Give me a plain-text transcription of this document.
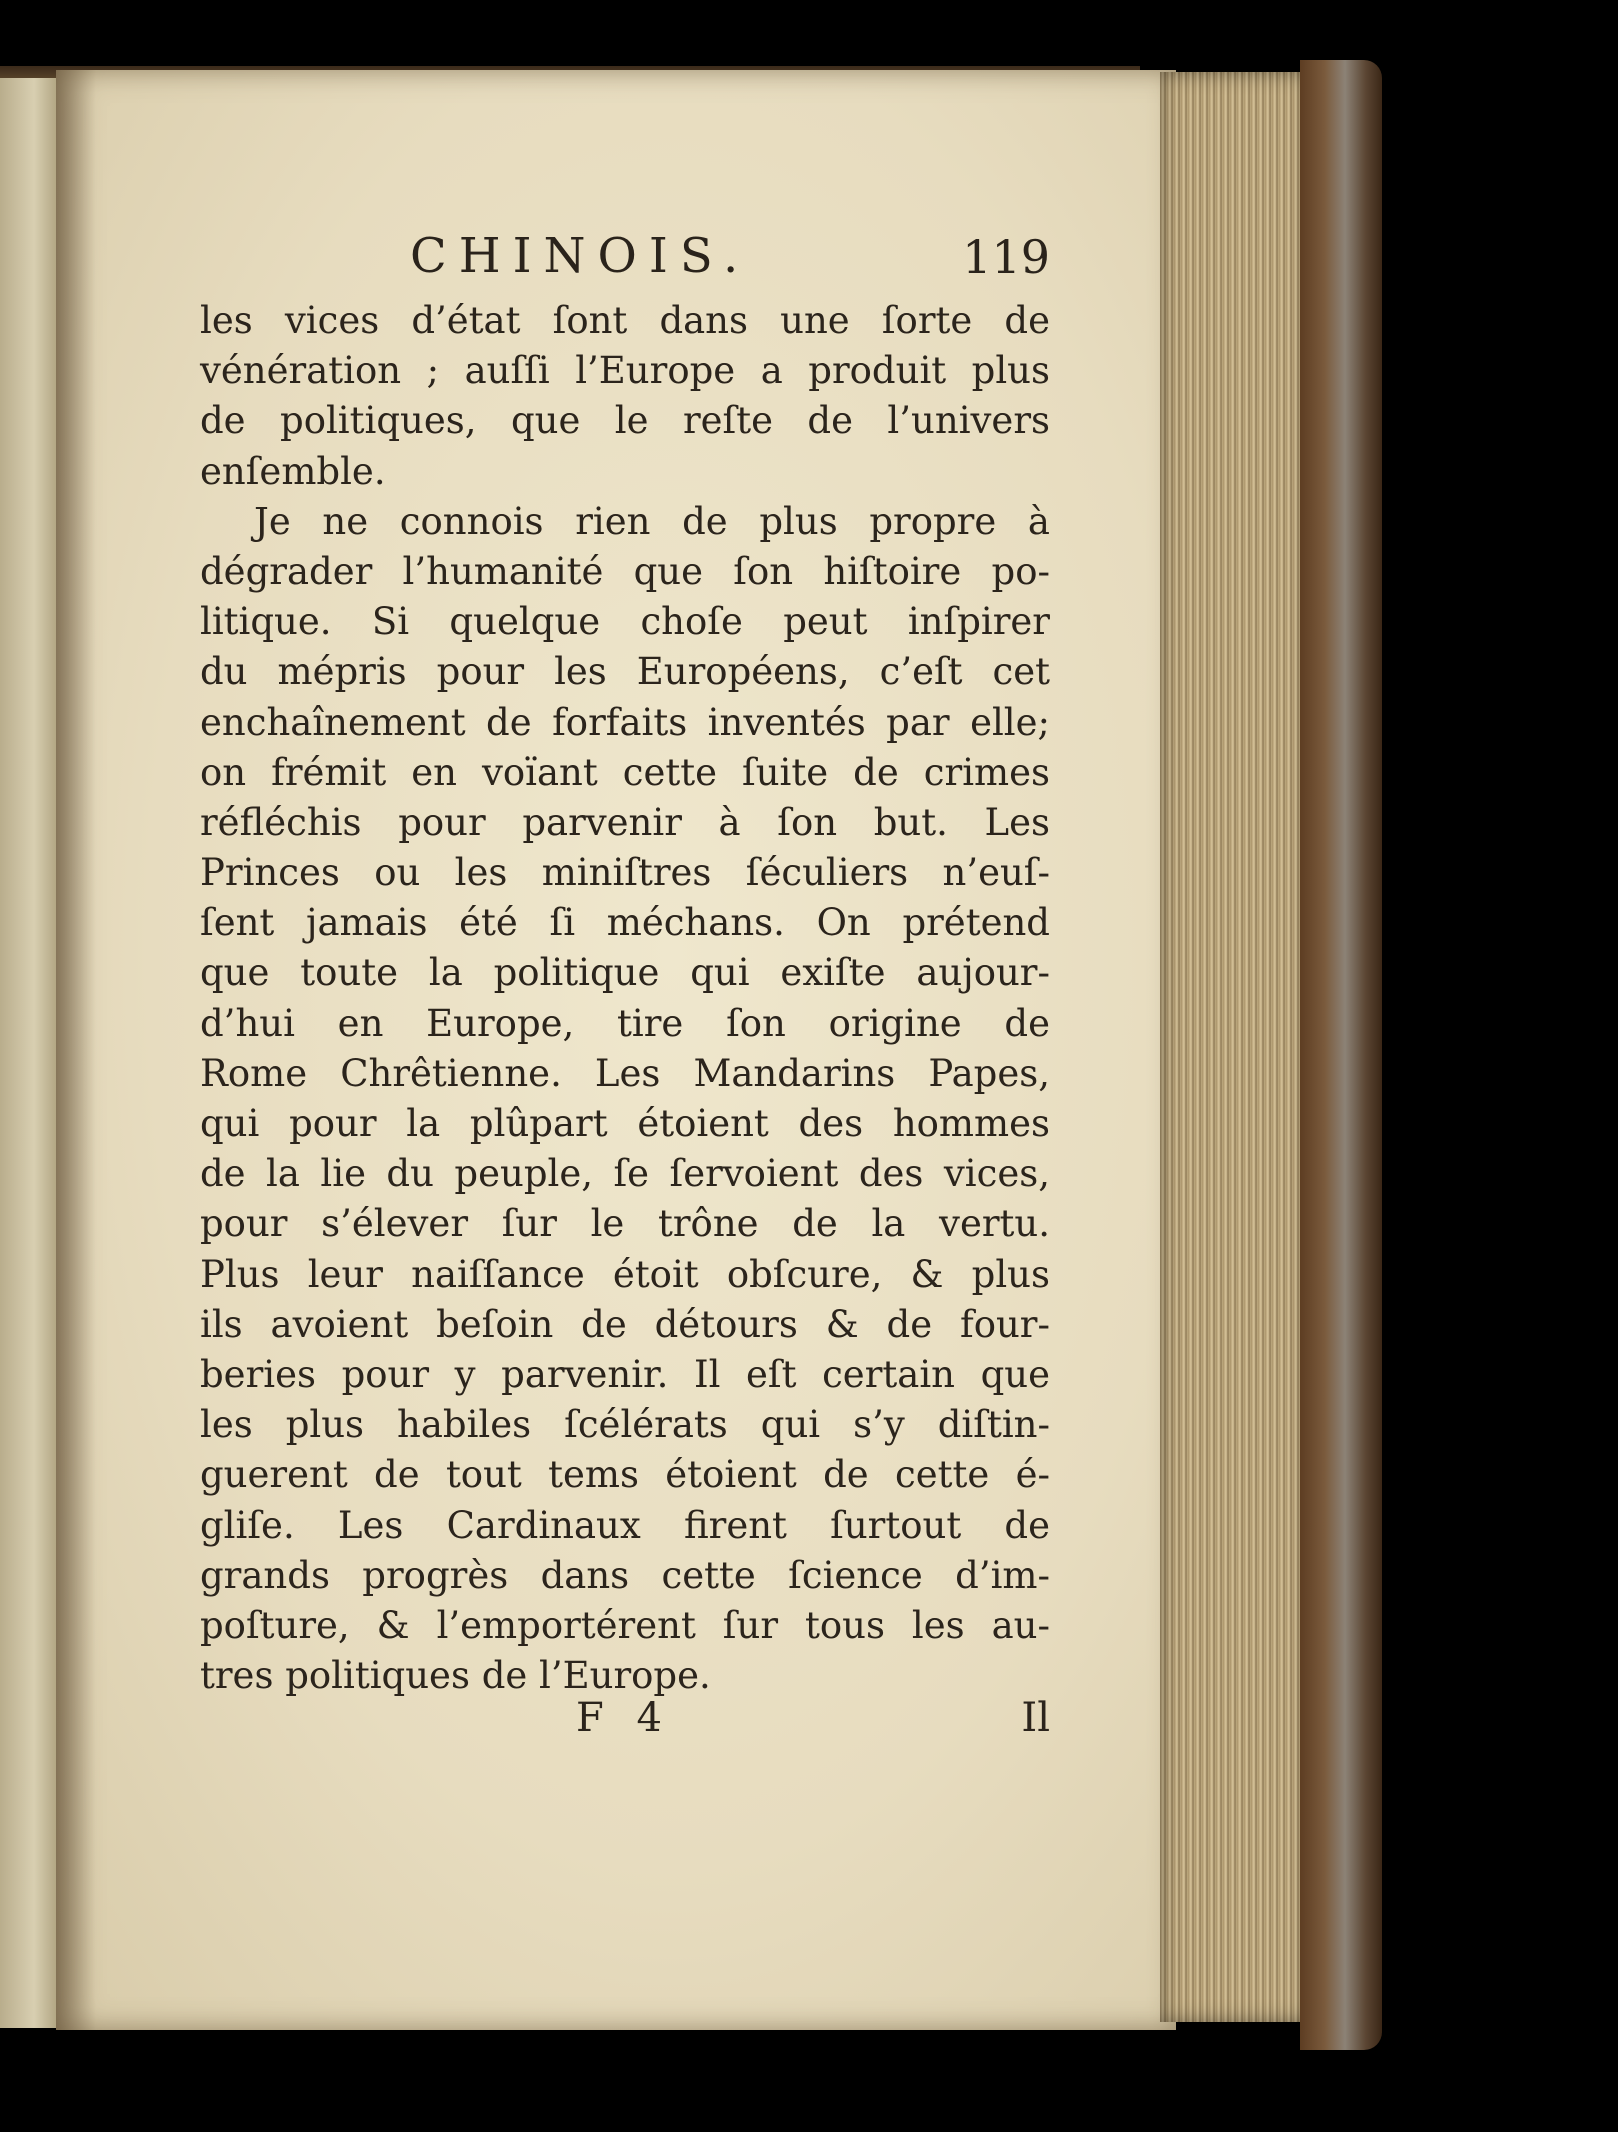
CHINOIS.	119
les vices d’état ſont dans une ſorte de
vénération ; auſſi l’Europe a produit plus
de politiques, que le reſte de l’univers
enſemble.
Je ne connois rien de plus propre à
dégrader l’humanité que ſon hiſtoire po-
litique. Si quelque choſe peut inſpirer
du mépris pour les Européens, c’eſt cet
enchaînement de forfaits inventés par elle;
on frémit en voïant cette ſuite de crimes
réfléchis pour parvenir à ſon but. Les
Princes ou les miniſtres ſéculiers n’euſ-
ſent jamais été ſi méchans. On prétend
que toute la politique qui exiſte aujour-
d’hui en Europe, tire ſon origine de
Rome Chrêtienne. Les Mandarins Papes,
qui pour la plûpart étoient des hommes
de la lie du peuple, ſe ſervoient des vices,
pour s’élever ſur le trône de la vertu.
Plus leur naiſſance étoit obſcure, & plus
ils avoient beſoin de détours & de four-
beries pour y parvenir. Il eſt certain que
les plus habiles ſcélérats qui s’y diſtin-
guerent de tout tems étoient de cette é-
gliſe. Les Cardinaux firent ſurtout de
grands progrès dans cette ſcience d’im-
poſture, & l’emportérent ſur tous les au-
tres politiques de l’Europe.
F 4	Il
